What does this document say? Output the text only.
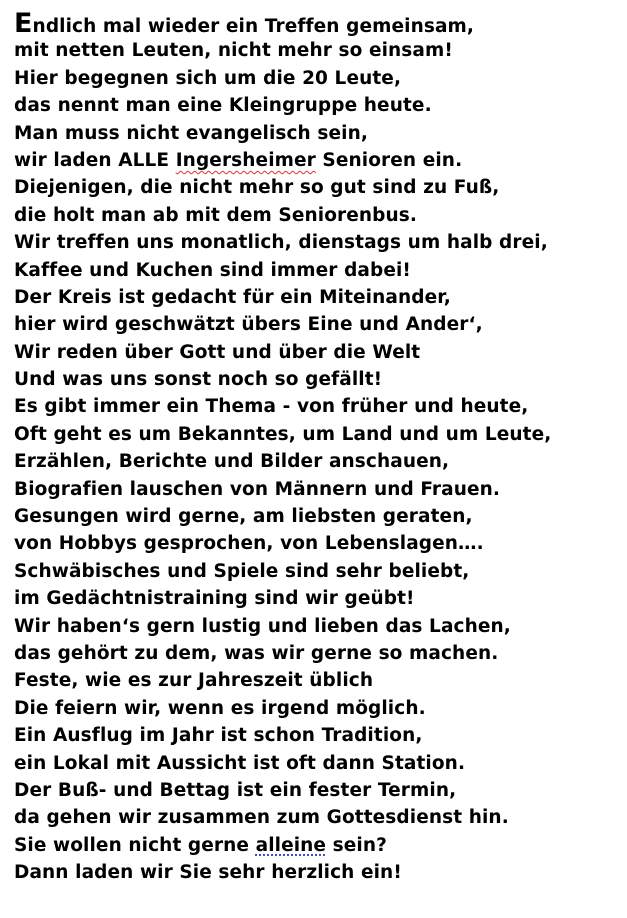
Endlich mal wieder ein Treffen gemeinsam,
mit netten Leuten, nicht mehr so einsam!
Hier begegnen sich um die 20 Leute,
das nennt man eine Kleingruppe heute.
Man muss nicht evangelisch sein,
wir laden ALLE Ingersheimer Senioren ein.
Diejenigen, die nicht mehr so gut sind zu Fuß,
die holt man ab mit dem Seniorenbus.
Wir treffen uns monatlich, dienstags um halb drei,
Kaffee und Kuchen sind immer dabei!
Der Kreis ist gedacht für ein Miteinander,
hier wird geschwätzt übers Eine und Ander‘,
Wir reden über Gott und über die Welt
Und was uns sonst noch so gefällt!
Es gibt immer ein Thema - von früher und heute,
Oft geht es um Bekanntes, um Land und um Leute,
Erzählen, Berichte und Bilder anschauen,
Biografien lauschen von Männern und Frauen.
Gesungen wird gerne, am liebsten geraten,
von Hobbys gesprochen, von Lebenslagen….
Schwäbisches und Spiele sind sehr beliebt,
im Gedächtnistraining sind wir geübt!
Wir haben‘s gern lustig und lieben das Lachen,
das gehört zu dem, was wir gerne so machen.
Feste, wie es zur Jahreszeit üblich
Die feiern wir, wenn es irgend möglich.
Ein Ausflug im Jahr ist schon Tradition,
ein Lokal mit Aussicht ist oft dann Station.
Der Buß- und Bettag ist ein fester Termin,
da gehen wir zusammen zum Gottesdienst hin.
Sie wollen nicht gerne alleine sein?
Dann laden wir Sie sehr herzlich ein!
